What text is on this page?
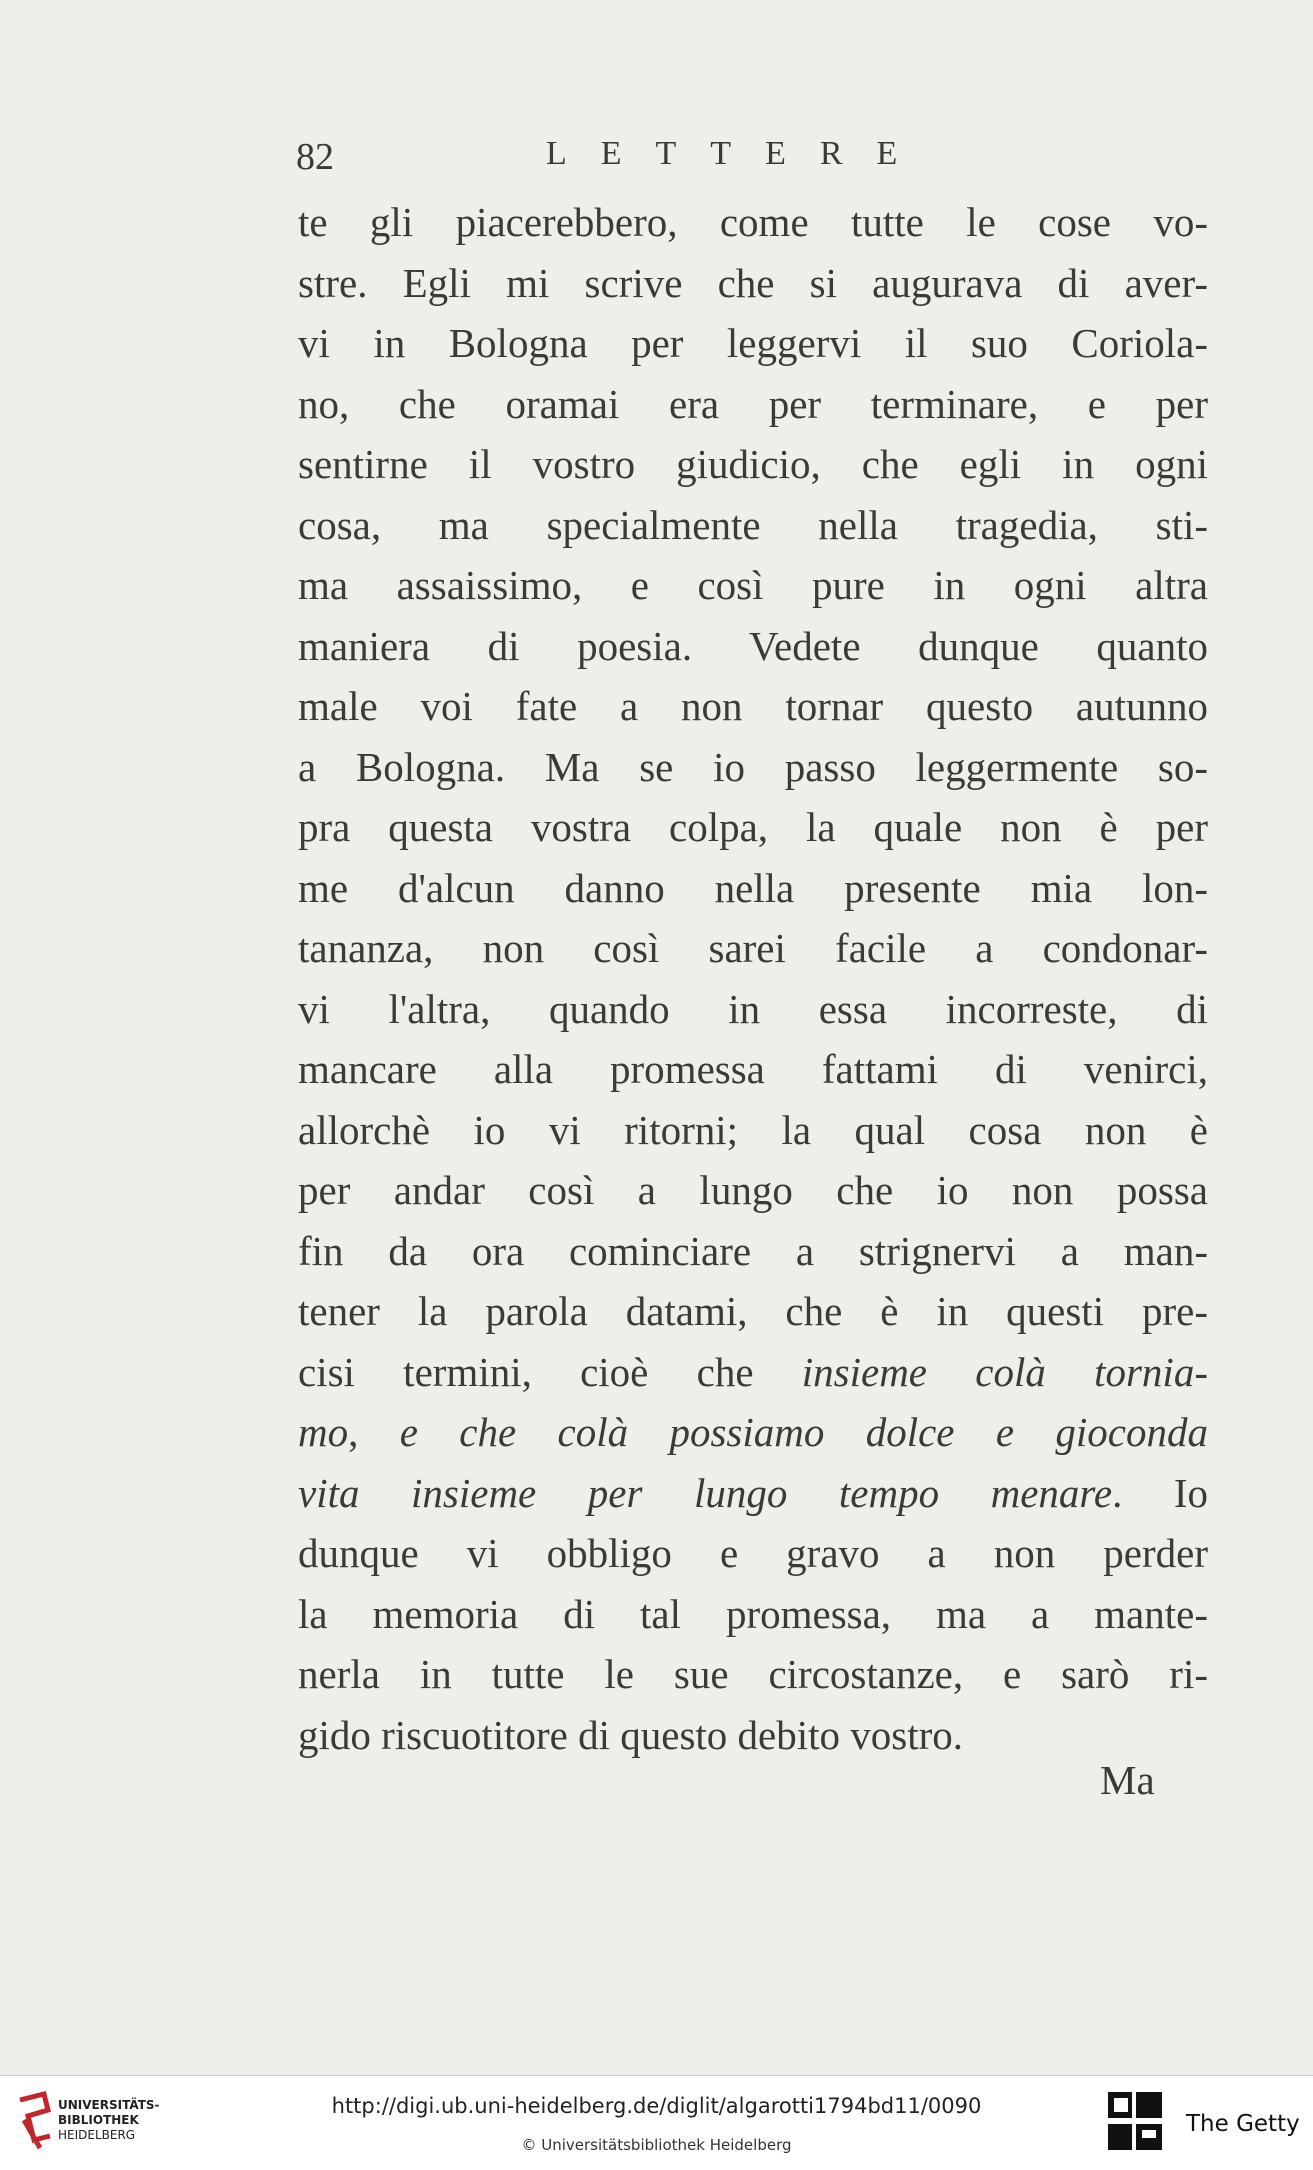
82	LETTERE
te gli piacerebbero, come tutte le cose vo-
stre. Egli mi scrive che si augurava di aver-
vi in Bologna per leggervi il suo Coriola-
no, che oramai era per terminare, e per
sentirne il vostro giudicio, che egli in ogni
cosa, ma specialmente nella tragedia, sti-
ma assaissimo, e così pure in ogni altra
maniera di poesia. Vedete dunque quanto
male voi fate a non tornar questo autunno
a Bologna. Ma se io passo leggermente so-
pra questa vostra colpa, la quale non è per
me d'alcun danno nella presente mia lon-
tananza, non così sarei facile a condonar-
vi l'altra, quando in essa incorreste, di
mancare alla promessa fattami di venirci,
allorchè io vi ritorni; la qual cosa non è
per andar così a lungo che io non possa
fin da ora cominciare a strignervi a man-
tener la parola datami, che è in questi pre-
cisi termini, cioè che insieme colà tornia-
mo, e che colà possiamo dolce e gioconda
vita insieme per lungo tempo menare. Io
dunque vi obbligo e gravo a non perder
la memoria di tal promessa, ma a mante-
nerla in tutte le sue circostanze, e sarò ri-
gido riscuotitore di questo debito vostro.
Ma
UNIVERSITÄTS-
BIBLIOTHEK
HEIDELBERG
http://digi.ub.uni-heidelberg.de/diglit/algarotti1794bd11/0090
© Universitätsbibliothek Heidelberg
The Getty
